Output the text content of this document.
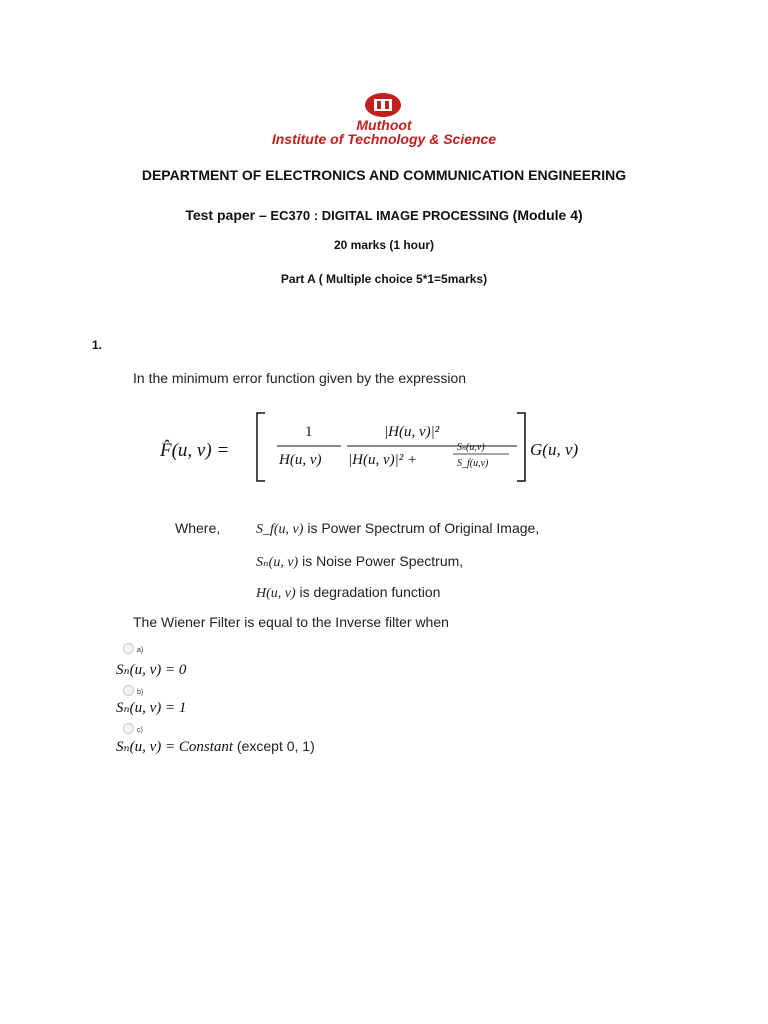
Muthoot
Institute of Technology & Science
DEPARTMENT OF ELECTRONICS AND COMMUNICATION ENGINEERING
Test paper – EC370 : DIGITAL IMAGE PROCESSING (Module 4)
20 marks (1 hour)
Part A ( Multiple choice 5*1=5marks)
1.
In the minimum error function given by the expression
F̂(u, v) =
1
H(u, v)
|H(u, v)|²
|H(u, v)|² +
Sₙ(u,v)
S_f(u,v)
G(u, v)
Where,	S_f(u, v) is Power Spectrum of Original Image,
Sₙ(u, v) is Noise Power Spectrum,
H(u, v) is degradation function
The Wiener Filter is equal to the Inverse filter when
a)
Sₙ(u, v) = 0
b)
Sₙ(u, v) = 1
c)
Sₙ(u, v) = Constant (except 0, 1)
